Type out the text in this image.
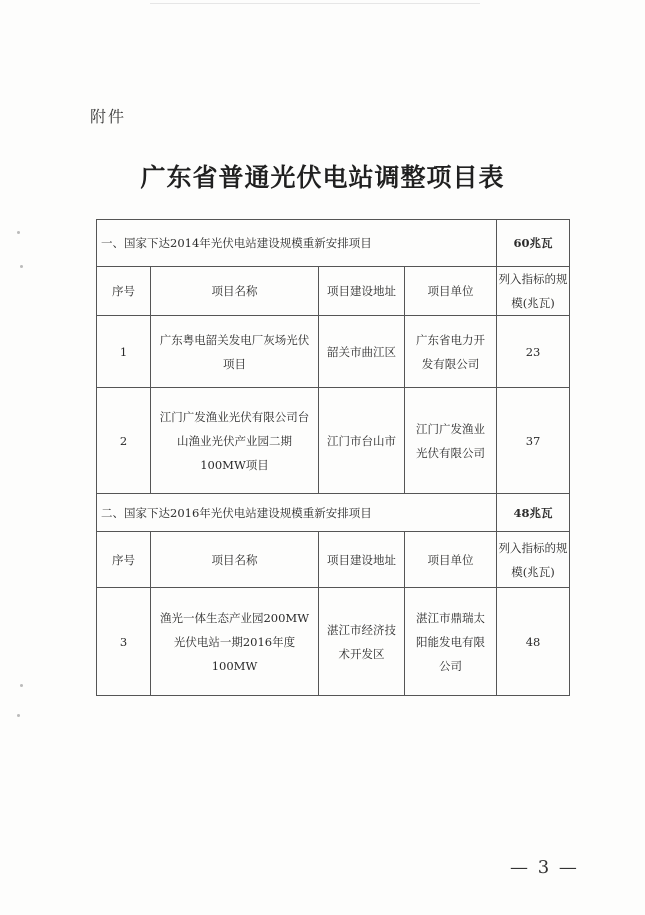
附件
广东省普通光伏电站调整项目表
一、国家下达2014年光伏电站建设规模重新安排项目				60兆瓦
序号	项目名称	项目建设地址	项目单位	列入指标的规模(兆瓦)
1	广东粤电韶关发电厂灰场光伏项目	韶关市曲江区	广东省电力开发有限公司	23
2	江门广发渔业光伏有限公司台山渔业光伏产业园二期100MW项目	江门市台山市	江门广发渔业光伏有限公司	37
二、国家下达2016年光伏电站建设规模重新安排项目				48兆瓦
序号	项目名称	项目建设地址	项目单位	列入指标的规模(兆瓦)
3	渔光一体生态产业园200MW光伏电站一期2016年度100MW	湛江市经济技术开发区	湛江市鼎瑞太阳能发电有限公司	48
— 3 —
